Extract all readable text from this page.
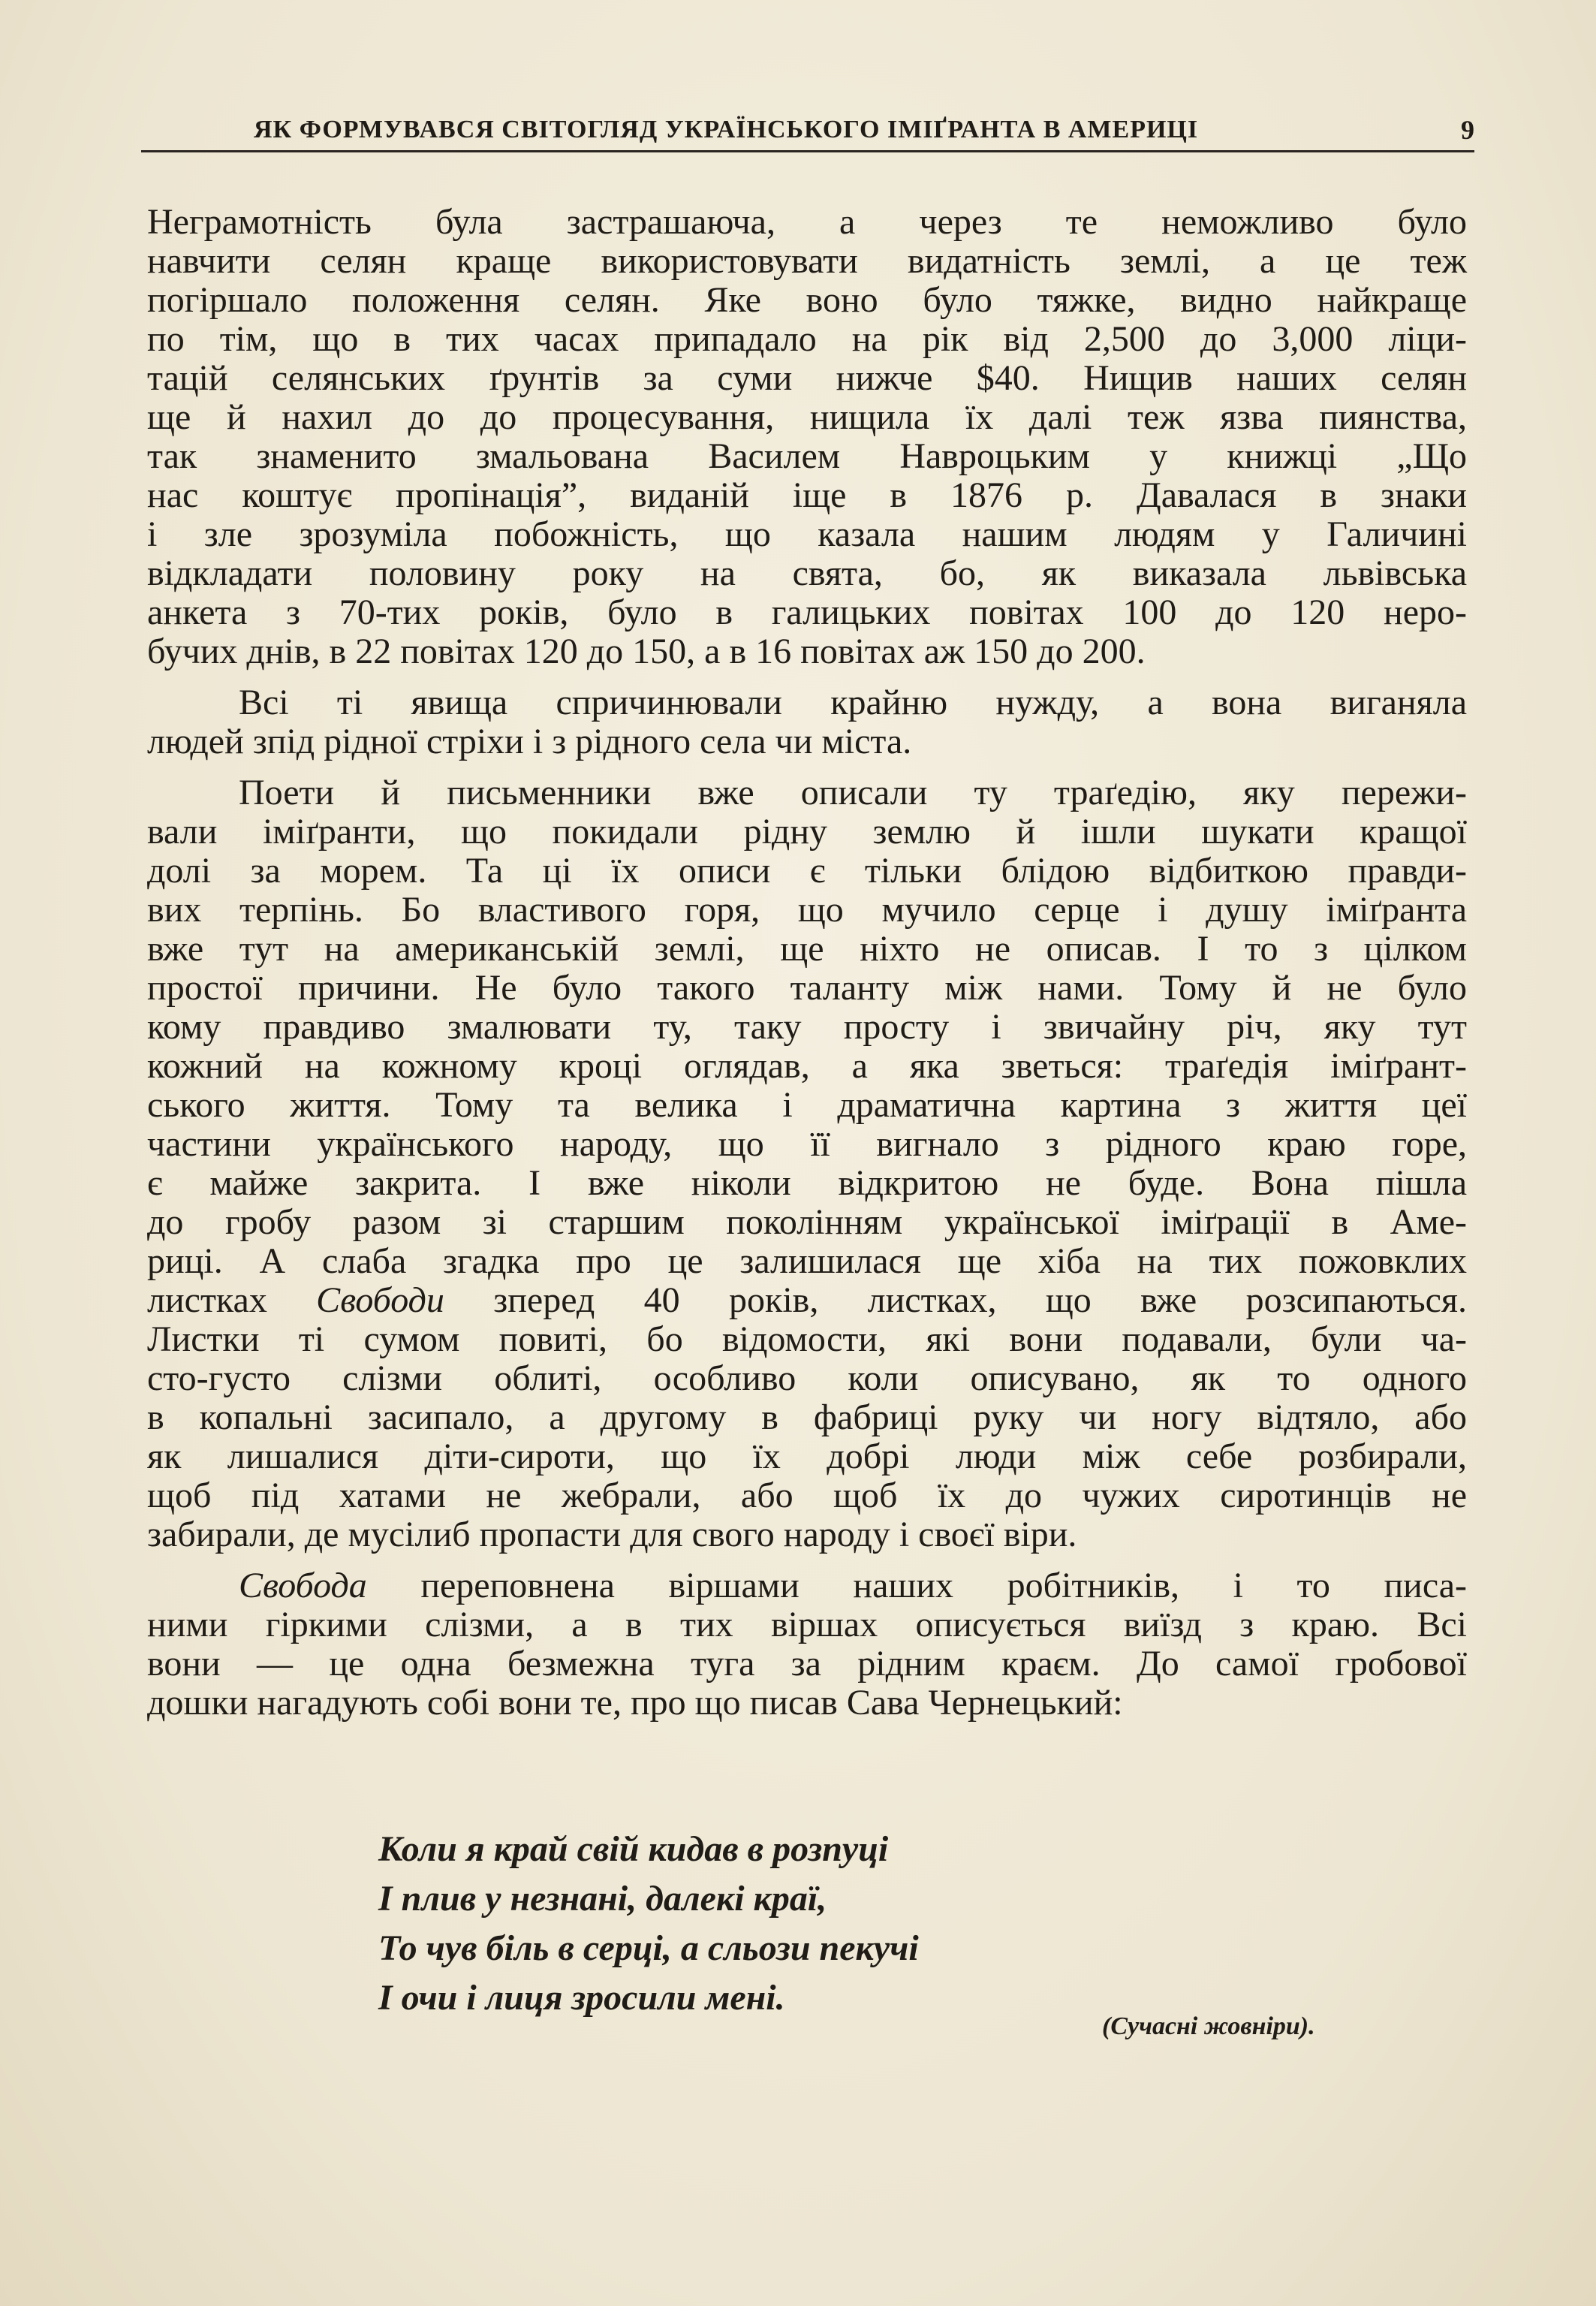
ЯК ФОРМУВАВСЯ СВІТОГЛЯД УКРАЇНСЬКОГО ІМІҐРАНТА В АМЕРИЦІ	9

Неграмотність була застрашаюча, а через те неможливо було
навчити селян краще використовувати видатність землі, а це теж
погіршало положення селян. Яке воно було тяжке, видно найкраще
по тім, що в тих часах припадало на рік від 2,500 до 3,000 ліци-
тацій селянських ґрунтів за суми нижче $40. Нищив наших селян
ще й нахил до до процесування, нищила їх далі теж язва пиянства,
так знаменито змальована Василем Навроцьким у книжці „Що
нас коштує пропінація”, виданій іще в 1876 р. Давалася в знаки
і зле зрозуміла побожність, що казала нашим людям у Галичині
відкладати половину року на свята, бо, як виказала львівська
анкета з 70-тих років, було в галицьких повітах 100 до 120 неро-
бучих днів, в 22 повітах 120 до 150, а в 16 повітах аж 150 до 200.

Всі ті явища спричинювали крайню нужду, а вона виганяла
людей зпід рідної стріхи і з рідного села чи міста.

Поети й письменники вже описали ту траґедію, яку пережи-
вали іміґранти, що покидали рідну землю й ішли шукати кращої
долі за морем. Та ці їх описи є тільки блідою відбиткою правди-
вих терпінь. Бо властивого горя, що мучило серце і душу іміґранта
вже тут на американській землі, ще ніхто не описав. І то з цілком
простої причини. Не було такого таланту між нами. Тому й не було
кому правдиво змалювати ту, таку просту і звичайну річ, яку тут
кожний на кожному кроці оглядав, а яка зветься: траґедія іміґрант-
ського життя. Тому та велика і драматична картина з життя цеї
частини українського народу, що її вигнало з рідного краю горе,
є майже закрита. І вже ніколи відкритою не буде. Вона пішла
до гробу разом зі старшим поколінням української іміґрації в Аме-
риці. А слаба згадка про це залишилася ще хіба на тих пожовклих
листках Свободи зперед 40 років, листках, що вже розсипаються.
Листки ті сумом повиті, бо відомости, які вони подавали, були ча-
сто-густо слізми облиті, особливо коли описувано, як то одного
в копальні засипало, а другому в фабриці руку чи ногу відтяло, або
як лишалися діти-сироти, що їх добрі люди між себе розбирали,
щоб під хатами не жебрали, або щоб їх до чужих сиротинців не
забирали, де мусілиб пропасти для свого народу і своєї віри.

Свобода переповнена віршами наших робітників, і то писа-
ними гіркими слізми, а в тих віршах описується виїзд з краю. Всі
вони — це одна безмежна туга за рідним краєм. До самої гробової
дошки нагадують собі вони те, про що писав Сава Чернецький:

Коли я край свій кидав в розпуці
І плив у незнані, далекі краї,
То чув біль в серці, а сльози пекучі
І очи і лиця зросили мені.
(Сучасні жовніри).
